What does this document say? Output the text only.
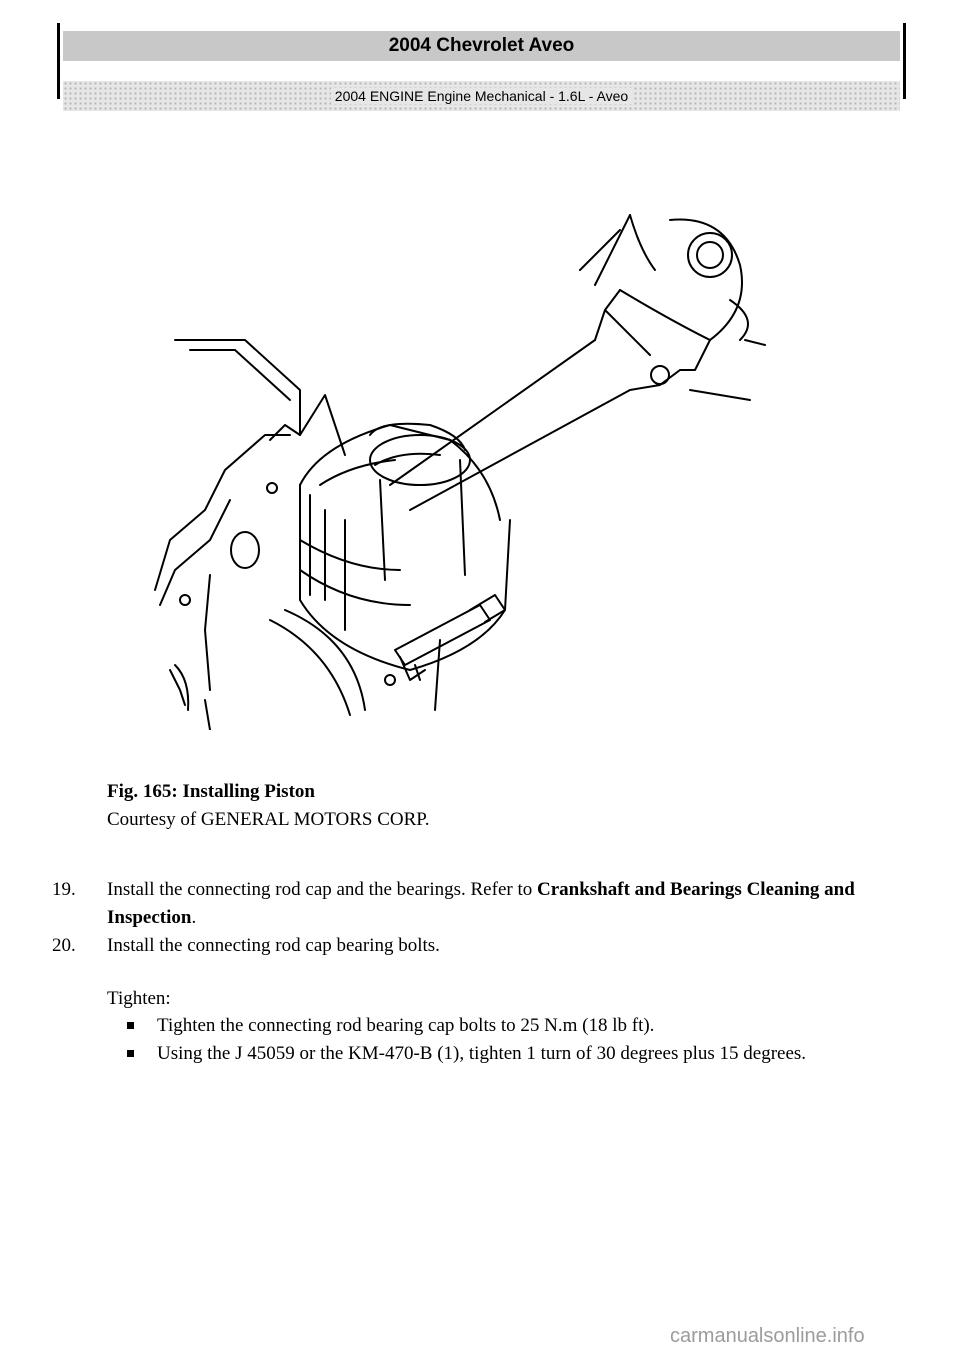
2004 Chevrolet Aveo
2004 ENGINE Engine Mechanical - 1.6L - Aveo
Fig. 165: Installing Piston
Courtesy of GENERAL MOTORS CORP.
19. Install the connecting rod cap and the bearings. Refer to Crankshaft and Bearings Cleaning and Inspection.
20. Install the connecting rod cap bearing bolts.
Tighten:
Tighten the connecting rod bearing cap bolts to 25 N.m (18 lb ft).
Using the J 45059 or the KM-470-B (1), tighten 1 turn of 30 degrees plus 15 degrees.
carmanualsonline.info
